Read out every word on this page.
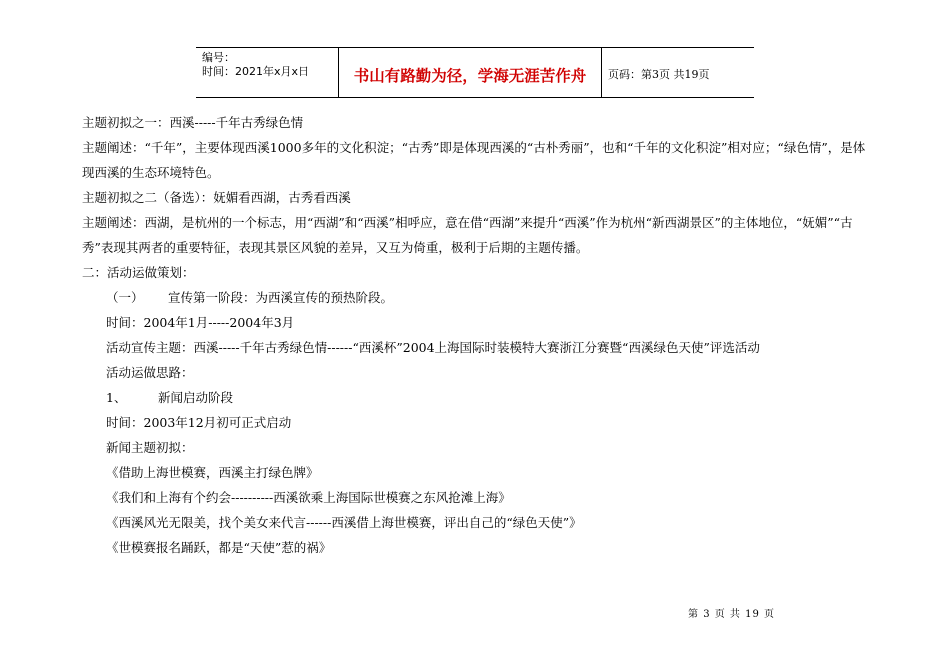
编号：
时间：2021年x月x日	书山有路勤为径，学海无涯苦作舟	页码：第3页 共19页

主题初拟之一：西溪-----千年古秀绿色情

主题阐述：“千年”，主要体现西溪1000多年的文化积淀；“古秀”即是体现西溪的“古朴秀丽”，也和“千年的文化积淀”相对应；“绿色情”，是体现西溪的生态环境特色。

主题初拟之二（备选）：妩媚看西湖，古秀看西溪

主题阐述：西湖，是杭州的一个标志，用“西湖”和“西溪”相呼应，意在借“西湖”来提升“西溪”作为杭州“新西湖景区”的主体地位，“妩媚”“古秀”表现其两者的重要特征，表现其景区风貌的差异，又互为倚重，极利于后期的主题传播。

二：活动运做策划：

（一） 宣传第一阶段：为西溪宣传的预热阶段。

时间：2004年1月-----2004年3月

活动宣传主题：西溪-----千年古秀绿色情------“西溪杯”2004上海国际时装模特大赛浙江分赛暨“西溪绿色天使”评选活动

活动运做思路：

1、	新闻启动阶段

时间：2003年12月初可正式启动

新闻主题初拟：

《借助上海世模赛，西溪主打绿色牌》

《我们和上海有个约会----------西溪欲乘上海国际世模赛之东风抢滩上海》

《西溪风光无限美，找个美女来代言------西溪借上海世模赛，评出自己的“绿色天使”》

《世模赛报名踊跃，都是“天使”惹的祸》

第 3 页 共 19 页
